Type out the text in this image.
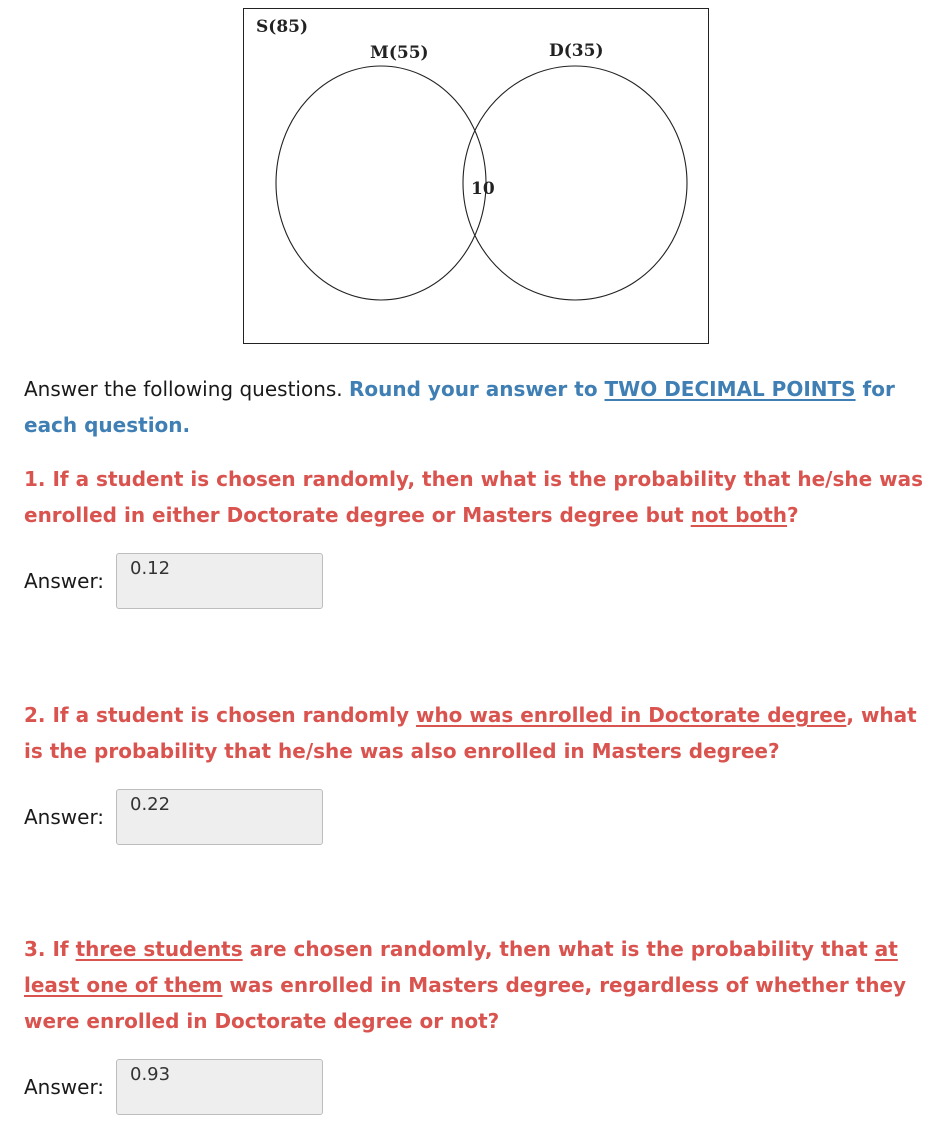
S(85)
M(55)	D(35)
10

Answer the following questions. Round your answer to TWO DECIMAL POINTS for each question.

1. If a student is chosen randomly, then what is the probability that he/she was enrolled in either Doctorate degree or Masters degree but not both?

Answer:
0.12

2. If a student is chosen randomly who was enrolled in Doctorate degree, what is the probability that he/she was also enrolled in Masters degree?

Answer:
0.22

3. If three students are chosen randomly, then what is the probability that at least one of them was enrolled in Masters degree, regardless of whether they were enrolled in Doctorate degree or not?

Answer:
0.93
